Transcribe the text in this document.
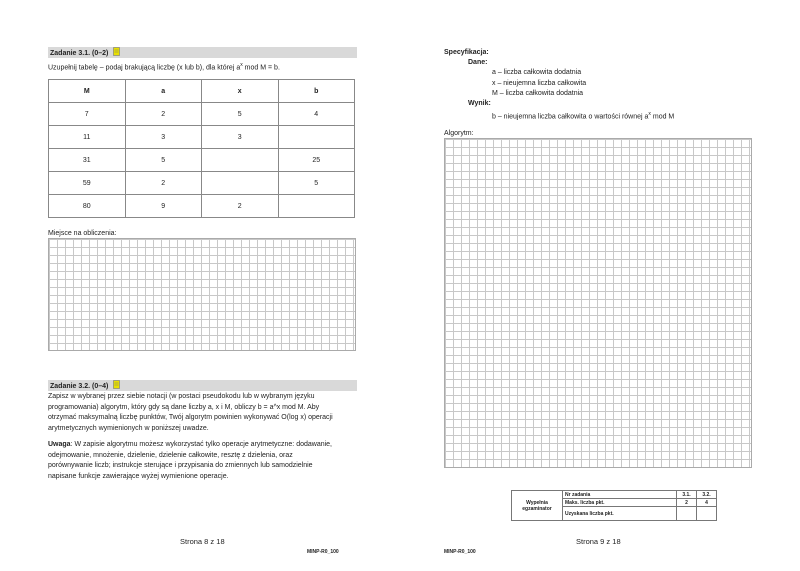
Zadanie 3.1. (0–2)
Uzupełnij tabelę – podaj brakującą liczbę (x lub b), dla której $a^x$ mod M = b.
M	a	x	b
7	2	5	4
11	3	3	
31	5		25
59	2		5
80	9	2	
Miejsce na obliczenia:
Zadanie 3.2. (0–4)
Zapisz w wybranej przez siebie notacji (w postaci pseudokodu lub w wybranym języku
programowania) algorytm, który gdy są dane liczby a, x i M, obliczy b = a^x mod M. Aby
otrzymać maksymalną liczbę punktów, Twój algorytm powinien wykonywać O(log x) operacji
arytmetycznych wymienionych w poniższej uwadze.
Uwaga: W zapisie algorytmu możesz wykorzystać tylko operacje arytmetyczne: dodawanie,
odejmowanie, mnożenie, dzielenie, dzielenie całkowite, resztę z dzielenia, oraz
porównywanie liczb; instrukcje sterujące i przypisania do zmiennych lub samodzielnie
napisane funkcje zawierające wyżej wymienione operacje.
Strona 8 z 18
MINP-R0_100
Specyfikacja:
Dane:
a – liczba całkowita dodatnia
x – nieujemna liczba całkowita
M – liczba całkowita dodatnia
Wynik:
b – nieujemna liczba całkowita o wartości równej $a^x$ mod M
Algorytm:
Strona 9 z 18
MINP-R0_100
Wypełnia
egzaminator	Nr zadania	3.1.	3.2.
	Maks. liczba pkt.	2	4
	Uzyskana liczba pkt.		
